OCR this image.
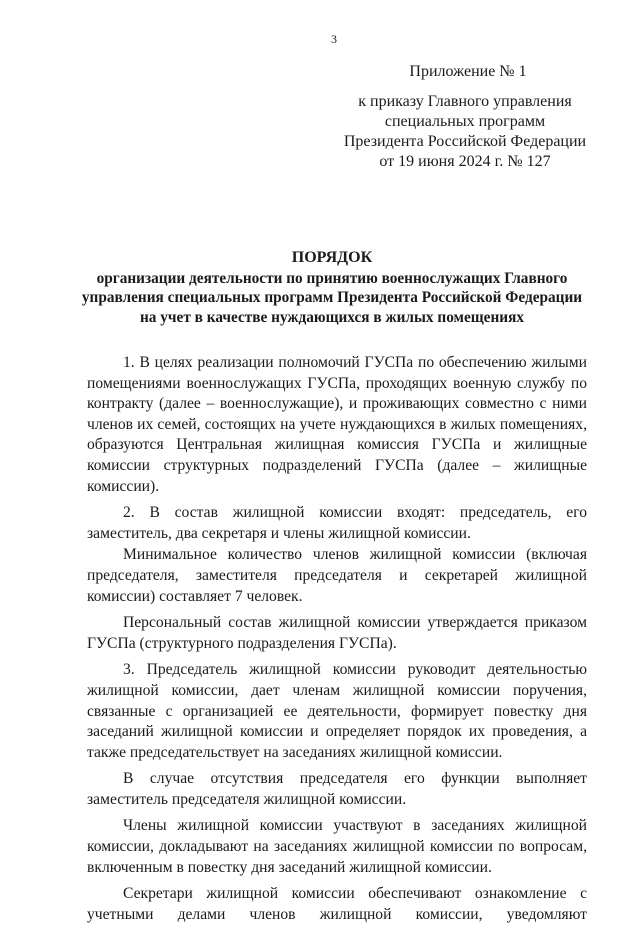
3
Приложение № 1
к приказу Главного управления
специальных программ
Президента Российской Федерации
от 19 июня 2024 г. № 127
ПОРЯДОК
организации деятельности по принятию военнослужащих Главного
управления специальных программ Президента Российской Федерации
на учет в качестве нуждающихся в жилых помещениях

1. В целях реализации полномочий ГУСПа по обеспечению жилыми помещениями военнослужащих ГУСПа, проходящих военную службу по контракту (далее – военнослужащие), и проживающих совместно с ними членов их семей, состоящих на учете нуждающихся в жилых помещениях, образуются Центральная жилищная комиссия ГУСПа и жилищные комиссии структурных подразделений ГУСПа (далее – жилищные комиссии).

2. В состав жилищной комиссии входят: председатель, его заместитель, два секретаря и члены жилищной комиссии.

Минимальное количество членов жилищной комиссии (включая председателя, заместителя председателя и секретарей жилищной комиссии) составляет 7 человек.

Персональный состав жилищной комиссии утверждается приказом ГУСПа (структурного подразделения ГУСПа).

3. Председатель жилищной комиссии руководит деятельностью жилищной комиссии, дает членам жилищной комиссии поручения, связанные с организацией ее деятельности, формирует повестку дня заседаний жилищной комиссии и определяет порядок их проведения, а также председательствует на заседаниях жилищной комиссии.

В случае отсутствия председателя его функции выполняет заместитель председателя жилищной комиссии.

Члены жилищной комиссии участвуют в заседаниях жилищной комиссии, докладывают на заседаниях жилищной комиссии по вопросам, включенным в повестку дня заседаний жилищной комиссии.

Секретари жилищной комиссии обеспечивают ознакомление с учетными делами членов жилищной комиссии, уведомляют
